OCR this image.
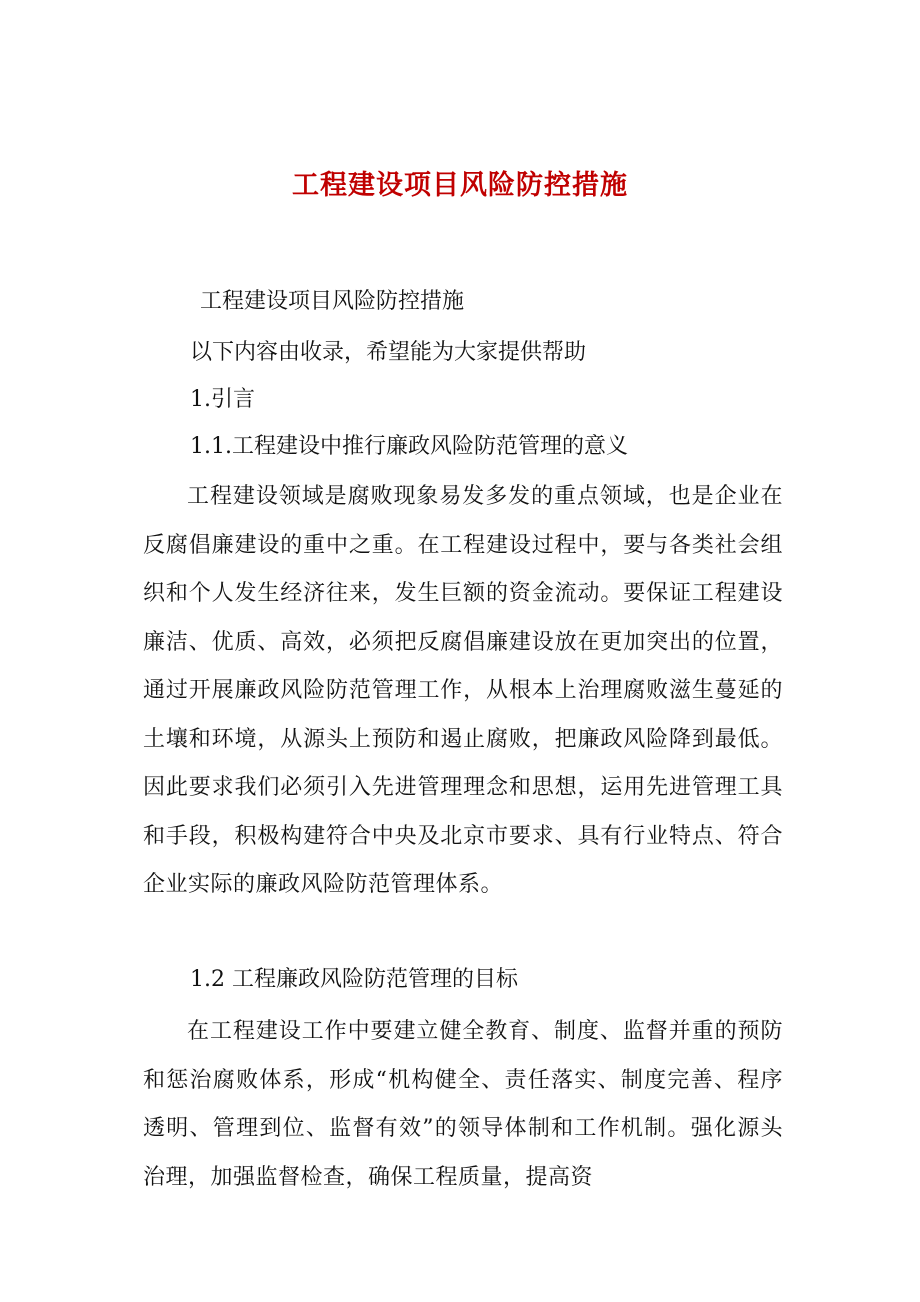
工程建设项目风险防控措施
工程建设项目风险防控措施
以下内容由收录，希望能为大家提供帮助
1.引言
1.1.工程建设中推行廉政风险防范管理的意义
工程建设领域是腐败现象易发多发的重点领域，也是企业在反腐倡廉建设的重中之重。在工程建设过程中，要与各类社会组织和个人发生经济往来，发生巨额的资金流动。要保证工程建设廉洁、优质、高效，必须把反腐倡廉建设放在更加突出的位置，通过开展廉政风险防范管理工作，从根本上治理腐败滋生蔓延的土壤和环境，从源头上预防和遏止腐败，把廉政风险降到最低。因此要求我们必须引入先进管理理念和思想，运用先进管理工具和手段，积极构建符合中央及北京市要求、具有行业特点、符合企业实际的廉政风险防范管理体系。
1.2 工程廉政风险防范管理的目标
在工程建设工作中要建立健全教育、制度、监督并重的预防和惩治腐败体系，形成“机构健全、责任落实、制度完善、程序透明、管理到位、监督有效”的领导体制和工作机制。强化源头治理，加强监督检查，确保工程质量，提高资
